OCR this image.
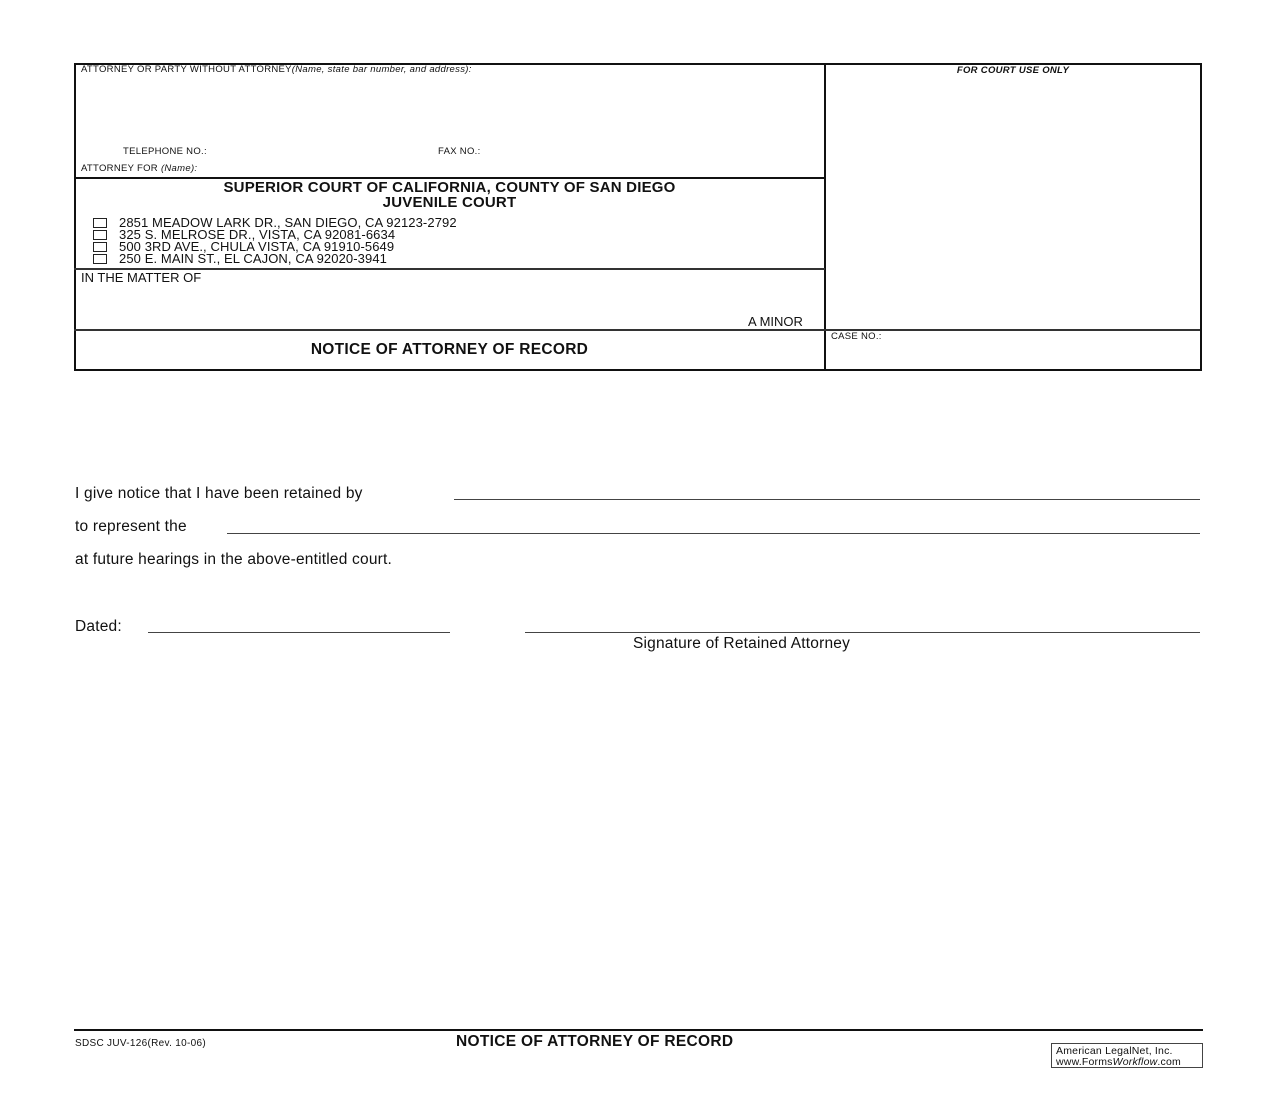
ATTORNEY OR PARTY WITHOUT ATTORNEY(Name, state bar number, and address):
TELEPHONE NO.:	FAX NO.:
ATTORNEY FOR (Name):
FOR COURT USE ONLY
SUPERIOR COURT OF CALIFORNIA, COUNTY OF SAN DIEGO
JUVENILE COURT
2851 MEADOW LARK DR., SAN DIEGO, CA 92123-2792
325 S. MELROSE DR., VISTA, CA 92081-6634
500 3RD AVE., CHULA VISTA, CA 91910-5649
250 E. MAIN ST., EL CAJON, CA 92020-3941
IN THE MATTER OF
A MINOR
NOTICE OF ATTORNEY OF RECORD
CASE NO.:
I give notice that I have been retained by
to represent the
at future hearings in the above-entitled court.
Dated:
Signature of Retained Attorney
SDSC JUV-126(Rev. 10-06)	NOTICE OF ATTORNEY OF RECORD
American LegalNet, Inc.
www.FormsWorkflow.com
